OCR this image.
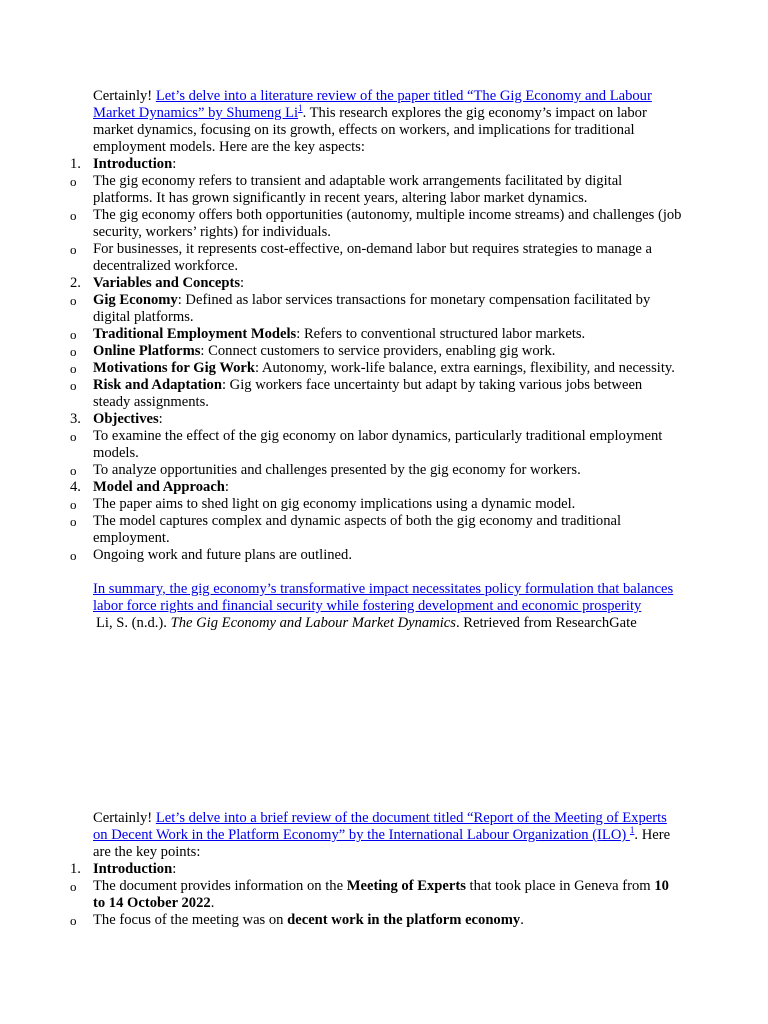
Certainly! Let’s delve into a literature review of the paper titled “The Gig Economy and Labour Market Dynamics” by Shumeng Li$^1$. This research explores the gig economy’s impact on labor market dynamics, focusing on its growth, effects on workers, and implications for traditional employment models. Here are the key aspects:

1. Introduction:
o	The gig economy refers to transient and adaptable work arrangements facilitated by digital platforms. It has grown significantly in recent years, altering labor market dynamics.
o	The gig economy offers both opportunities (autonomy, multiple income streams) and challenges (job security, workers’ rights) for individuals.
o	For businesses, it represents cost-effective, on-demand labor but requires strategies to manage a decentralized workforce.
2. Variables and Concepts:
o	Gig Economy: Defined as labor services transactions for monetary compensation facilitated by digital platforms.
o	Traditional Employment Models: Refers to conventional structured labor markets.
o	Online Platforms: Connect customers to service providers, enabling gig work.
o	Motivations for Gig Work: Autonomy, work-life balance, extra earnings, flexibility, and necessity.
o	Risk and Adaptation: Gig workers face uncertainty but adapt by taking various jobs between steady assignments.
3. Objectives:
o	To examine the effect of the gig economy on labor dynamics, particularly traditional employment models.
o	To analyze opportunities and challenges presented by the gig economy for workers.
4. Model and Approach:
o	The paper aims to shed light on gig economy implications using a dynamic model.
o	The model captures complex and dynamic aspects of both the gig economy and traditional employment.
o	Ongoing work and future plans are outlined.

In summary, the gig economy’s transformative impact necessitates policy formulation that balances labor force rights and financial security while fostering development and economic prosperity

Li, S. (n.d.). The Gig Economy and Labour Market Dynamics. Retrieved from ResearchGate

Certainly! Let’s delve into a brief review of the document titled “Report of the Meeting of Experts on Decent Work in the Platform Economy” by the International Labour Organization (ILO) $^1$. Here are the key points:

1. Introduction:
o	The document provides information on the Meeting of Experts that took place in Geneva from 10 to 14 October 2022.
o	The focus of the meeting was on decent work in the platform economy.
